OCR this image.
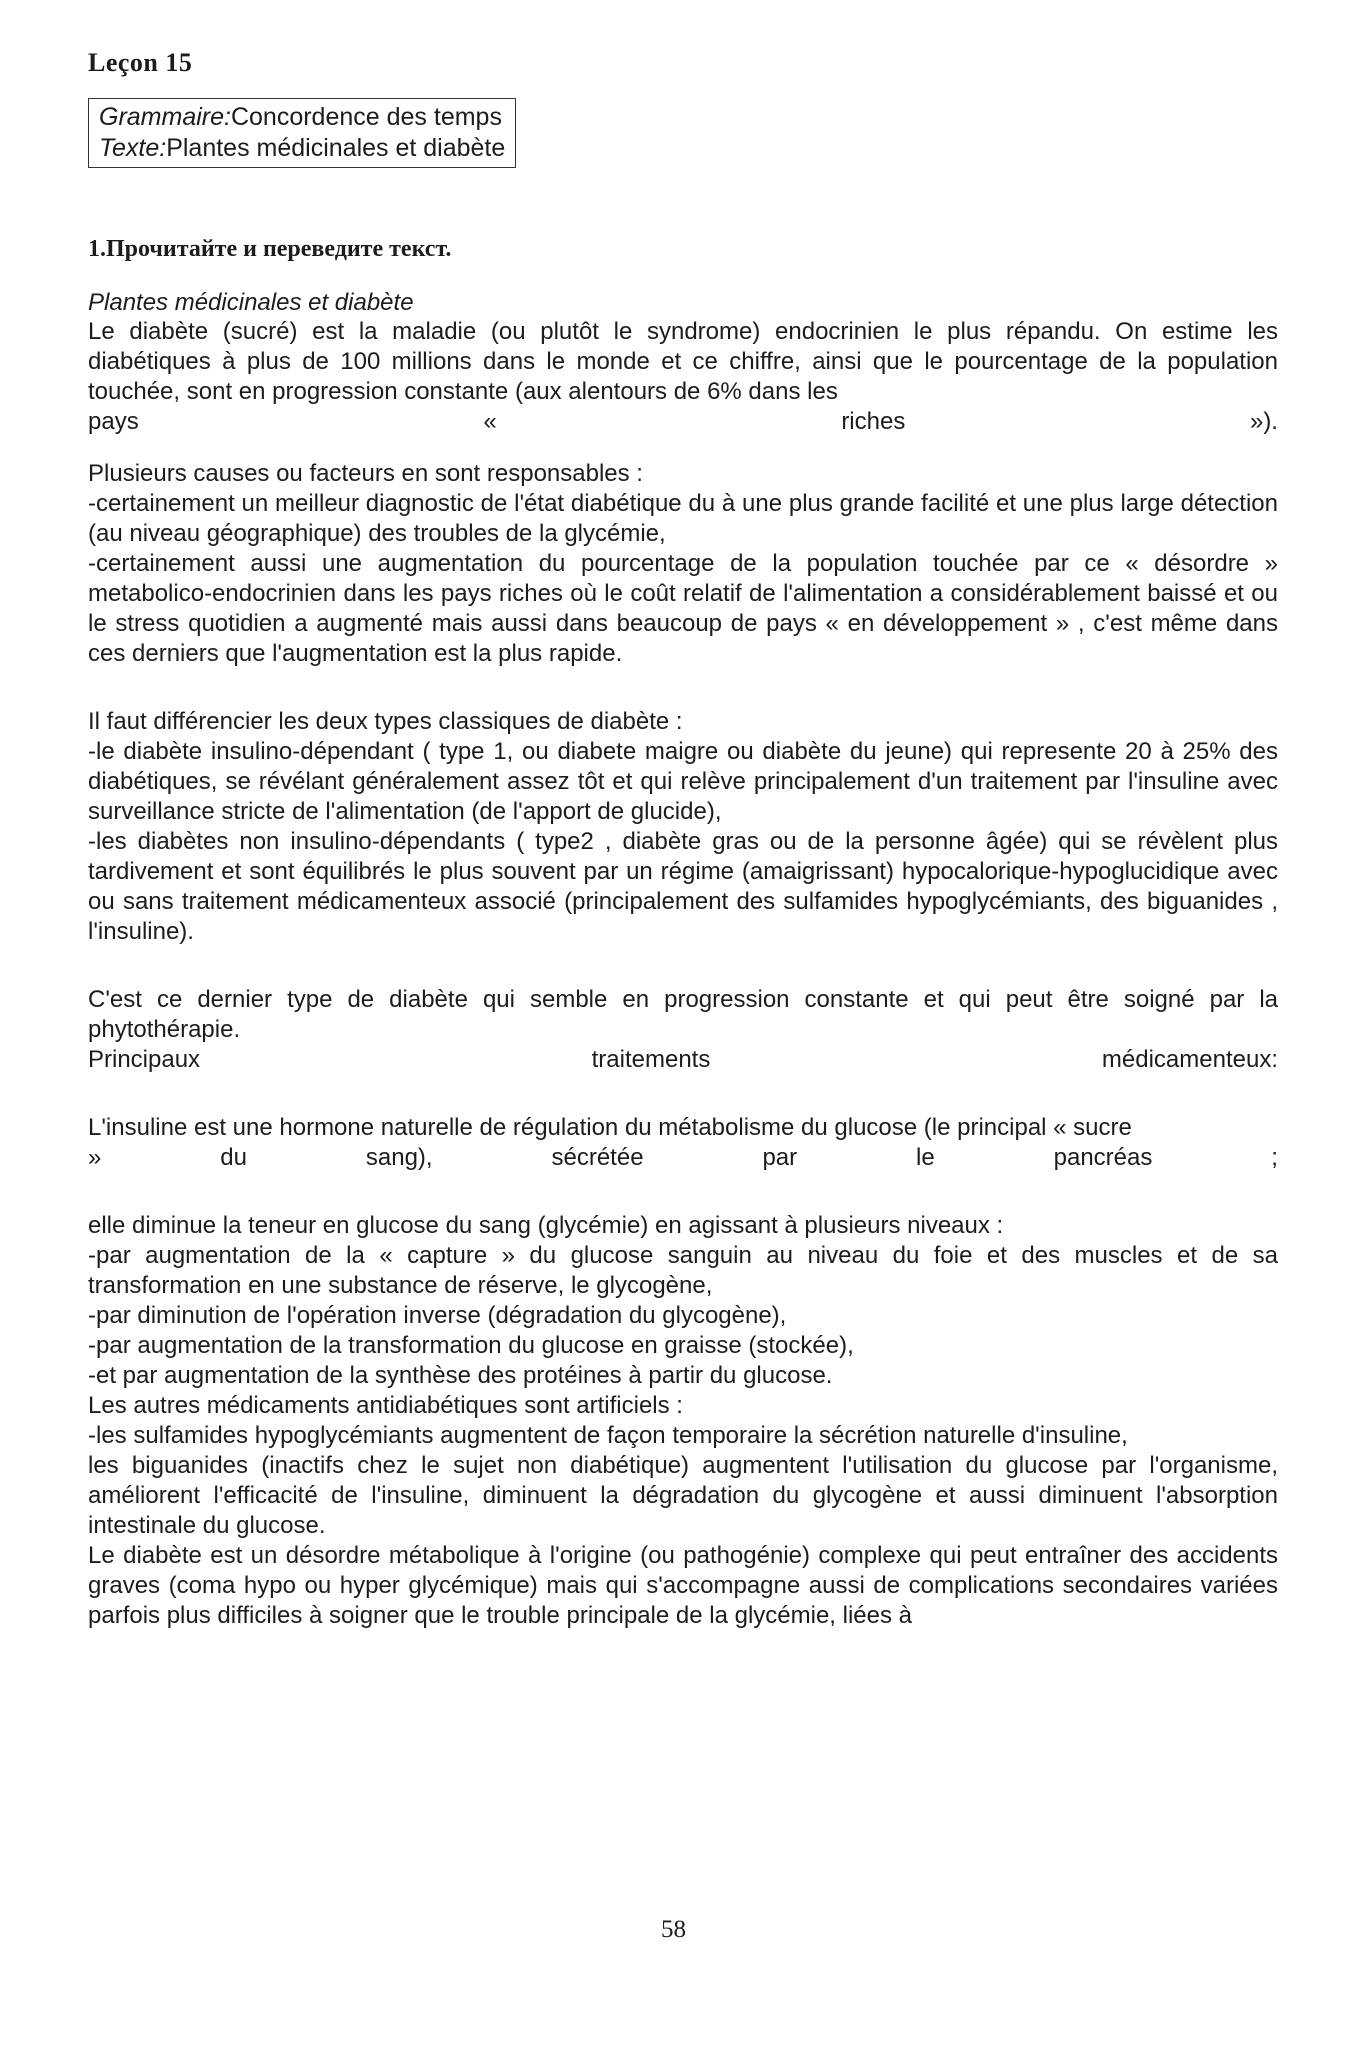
Leçon 15
Grammaire:Concordence des temps
Texte:Plantes médicinales et diabète
1.Прочитайте и переведите текст.

Plantes médicinales et diabète

Le diabète (sucré) est la maladie (ou plutôt le syndrome) endocrinien le plus répandu. On estime les diabétiques à plus de 100 millions dans le monde et ce chiffre, ainsi que le pourcentage de la population touchée, sont en progression constante (aux alentours de 6% dans les

pays	«	riches	»).

Plusieurs causes ou facteurs en sont responsables :

-certainement un meilleur diagnostic de l'état diabétique du à une plus grande facilité et une plus large détection (au niveau géographique) des troubles de la glycémie,

-certainement aussi une augmentation du pourcentage de la population touchée par ce « désordre » metabolico-endocrinien dans les pays riches où le coût relatif de l'alimentation a considérablement baissé et ou le stress quotidien a augmenté mais aussi dans beaucoup de pays « en développement » , c'est même dans ces derniers que l'augmentation est la plus rapide.

Il faut différencier les deux types classiques de diabète :

-le diabète insulino-dépendant ( type 1, ou diabete maigre ou diabète du jeune) qui represente 20 à 25% des diabétiques, se révélant généralement assez tôt et qui relève principalement d'un traitement par l'insuline avec surveillance stricte de l'alimentation (de l'apport de glucide),

-les diabètes non insulino-dépendants ( type2 , diabète gras ou de la personne âgée) qui se révèlent plus tardivement et sont équilibrés le plus souvent par un régime (amaigrissant) hypocalorique-hypoglucidique avec ou sans traitement médicamenteux associé (principalement des sulfamides hypoglycémiants, des biguanides , l'insuline).

C'est ce dernier type de diabète qui semble en progression constante et qui peut être soigné par la phytothérapie.

Principaux	traitements	médicamenteux:

L'insuline est une hormone naturelle de régulation du métabolisme du glucose (le principal « sucre

»	du	sang),	sécrétée	par	le	pancréas	;

elle diminue la teneur en glucose du sang (glycémie) en agissant à plusieurs niveaux :

-par augmentation de la « capture » du glucose sanguin au niveau du foie et des muscles et de sa transformation en une substance de réserve, le glycogène,

-par diminution de l'opération inverse (dégradation du glycogène),

-par augmentation de la transformation du glucose en graisse (stockée),

-et par augmentation de la synthèse des protéines à partir du glucose.

Les autres médicaments antidiabétiques sont artificiels :

-les sulfamides hypoglycémiants augmentent de façon temporaire la sécrétion naturelle d'insuline,

les biguanides (inactifs chez le sujet non diabétique) augmentent l'utilisation du glucose par l'organisme, améliorent l'efficacité de l'insuline, diminuent la dégradation du glycogène et aussi diminuent l'absorption intestinale du glucose.

Le diabète est un désordre métabolique à l'origine (ou pathogénie) complexe qui peut entraîner des accidents graves (coma hypo ou hyper glycémique) mais qui s'accompagne aussi de complications secondaires variées parfois plus difficiles à soigner que le trouble principale de la glycémie, liées à

58
